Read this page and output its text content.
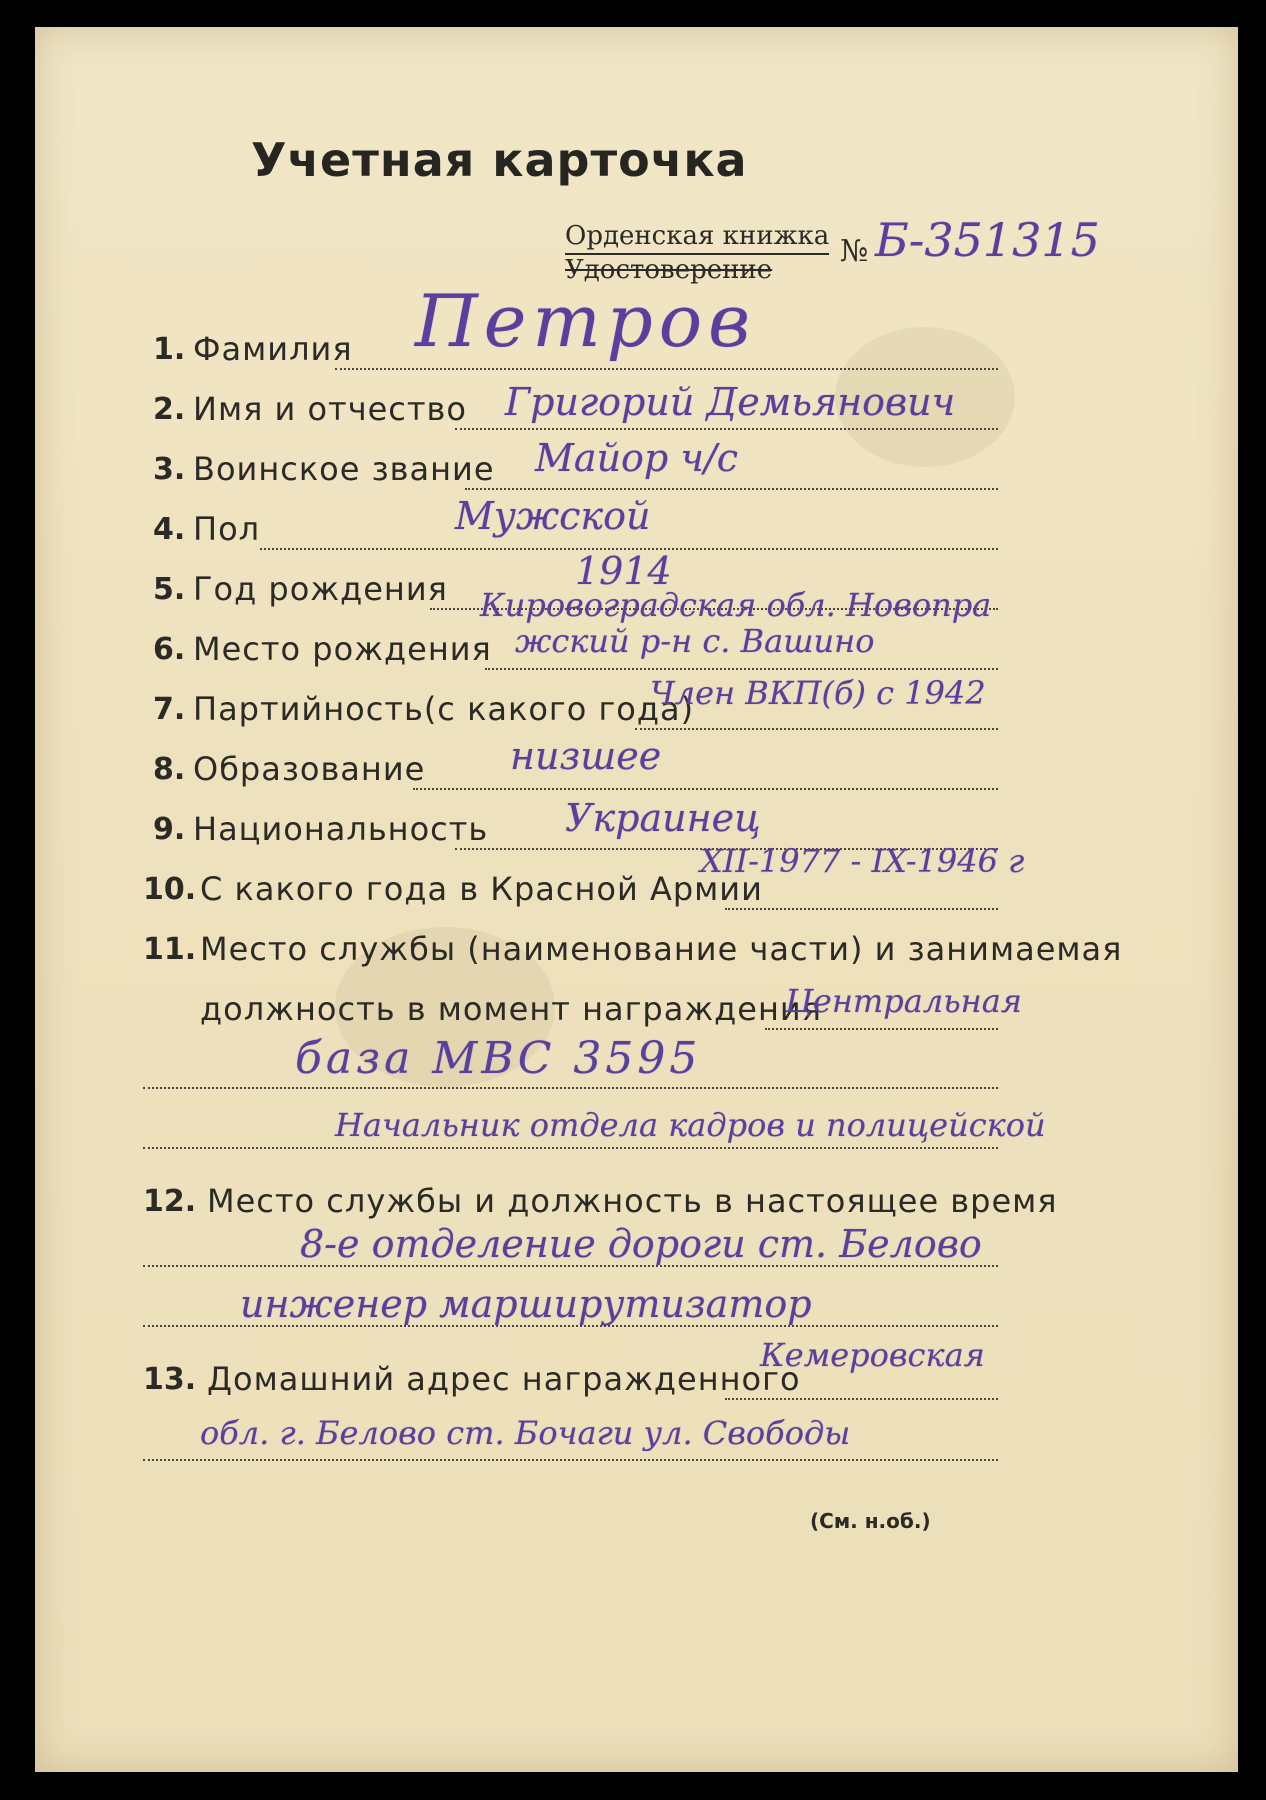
Учетная карточка
Орденская книжка
Удостоверение
№ Б-351315
1. Фамилия Петров
2. Имя и отчество Григорий Демьянович
3. Воинское звание Майор ч/с
4. Пол	Мужской
5. Год рождения	1914
6. Место рождения
Кировоградская обл. Новопра
жский р-н с. Вашино
7. Партийность(с какого года)
Член ВКП(б) с 1942
8. Образование низшее
9. Национальность Украинец
10. С какого года в Красной Армии
XII-1977 - IX-1946 г
11. Место службы (наименование части) и занимаемая
должность в момент награждения
Центральная
база МВС 3595
Начальник отдела кадров и полицейской
12. Место службы и должность в настоящее время
8-е отделение дороги ст. Белово
инженер марширутизатор
13. Домашний адрес награжденного
Кемеровская
обл. г. Белово ст. Бочаги ул. Свободы
(См. н.об.)
